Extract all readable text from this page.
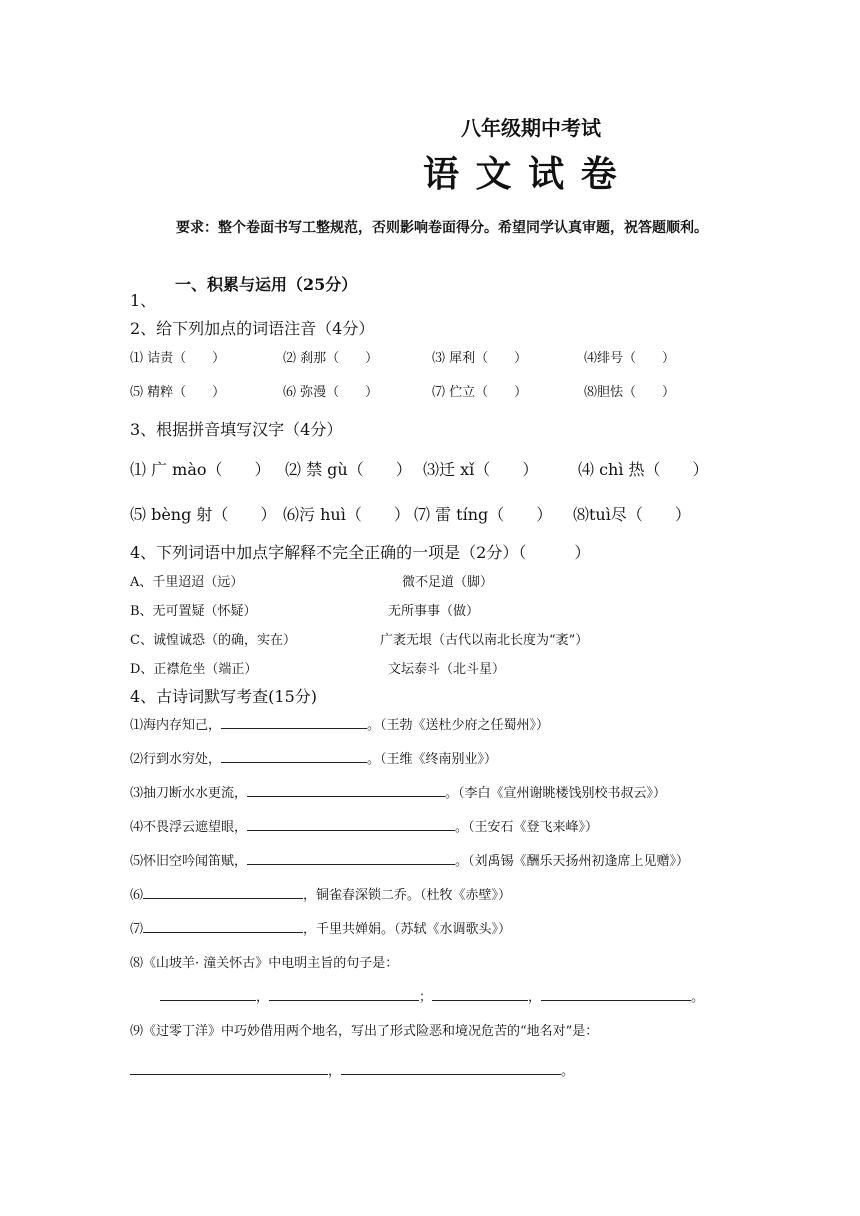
八年级期中考试
语 文 试 卷
要求：整个卷面书写工整规范，否则影响卷面得分。希望同学认真审题，祝答题顺利。
一、积累与运用（25分）
1、
2、给下列加点的词语注音（4分）
⑴ 诘责（　　）	⑵ 刹那（　　）	⑶ 犀利（　　）	⑷绯号（　　）
⑸ 精粹（　　）	⑹ 弥漫（　　）	⑺ 伫立（　　）	⑻胆怯（　　）
3、根据拼音填写汉字（4分）
⑴ 广 mào（　　） ⑵ 禁 gù（　　） ⑶迁 xǐ（　　） ⑷ chì 热（　　）
⑸ bèng 射（　　） ⑹污 huì（　　） ⑺ 雷 tíng（　　） ⑻tuì尽（　　）
4、下列词语中加点字解释不完全正确的一项是（2分）（　　　）
A、千里迢迢（远）	微不足道（脚）
B、无可置疑（怀疑）	无所事事（做）
C、诚惶诚恐（的确，实在）	广袤无垠（古代以南北长度为“袤”）
D、正襟危坐（端正）	文坛泰斗（北斗星）
4、古诗词默写考查(15分)
⑴海内存知己，	。（王勃《送杜少府之任蜀州》）
⑵行到水穷处，	。（王维《终南别业》）
⑶抽刀断水水更流，	。（李白《宣州谢眺楼饯别校书叔云》）
⑷不畏浮云遮望眼，	。（王安石《登飞来峰》）
⑸怀旧空吟闻笛赋，	。（刘禹锡《酬乐天扬州初逢席上见赠》）
⑹	，铜雀春深锁二乔。（杜牧《赤壁》）
⑺	，千里共婵娟。（苏轼《水调歌头》）
⑻《山坡羊· 潼关怀古》中电明主旨的句子是：
，	；	，	。
⑼《过零丁洋》中巧妙借用两个地名，写出了形式险恶和境况危苦的“地名对”是：
，	。
